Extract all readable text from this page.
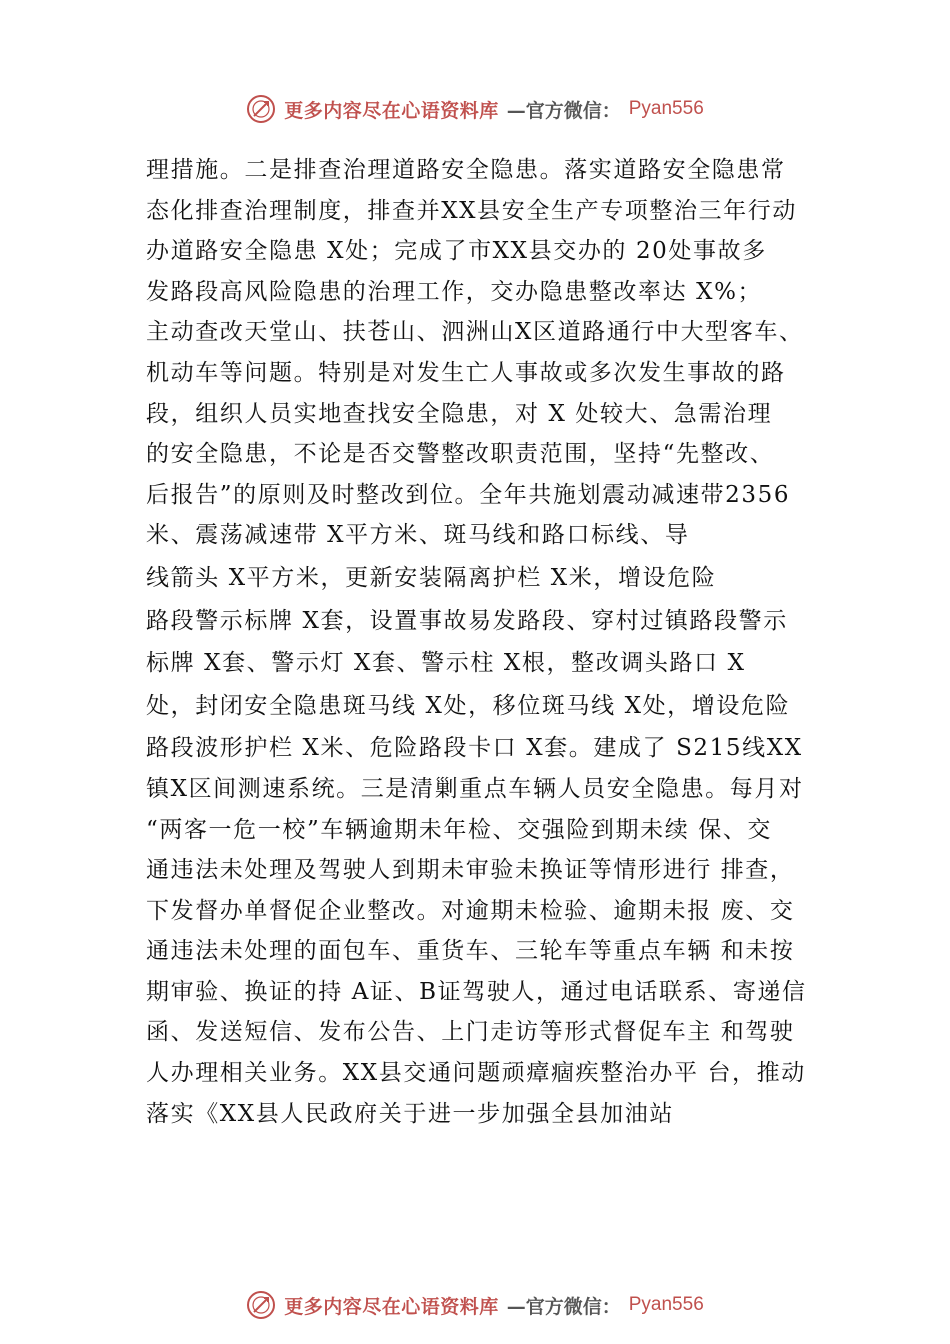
更多内容尽在心语资料库 —官方微信： Pyan556
理措施。二是排查治理道路安全隐患。落实道路安全隐患常
态化排查治理制度，排查并XX县安全生产专项整治三年行动
办道路安全隐患 X处；完成了市XX县交办的 20处事故多
发路段高风险隐患的治理工作，交办隐患整改率达 X%；
主动查改天堂山、扶苍山、泗洲山X区道路通行中大型客车、
机动车等问题。特别是对发生亡人事故或多次发生事故的路
段，组织人员实地查找安全隐患，对 X 处较大、急需治理
的安全隐患，不论是否交警整改职责范围，坚持“先整改、
后报告”的原则及时整改到位。全年共施划震动减速带2356
米、震荡减速带 X平方米、斑马线和路口标线、导
线箭头 X平方米，更新安装隔离护栏 X米，增设危险
路段警示标牌 X套，设置事故易发路段、穿村过镇路段警示
标牌 X套、警示灯 X套、警示柱 X根，整改调头路口 X
处，封闭安全隐患斑马线 X处，移位斑马线 X处，增设危险
路段波形护栏 X米、危险路段卡口 X套。建成了 S215线XX
镇X区间测速系统。三是清剿重点车辆人员安全隐患。每月对
“两客一危一校”车辆逾期未年检、交强险到期未续 保、交
通违法未处理及驾驶人到期未审验未换证等情形进行 排查，
下发督办单督促企业整改。对逾期未检验、逾期未报 废、交
通违法未处理的面包车、重货车、三轮车等重点车辆 和未按
期审验、换证的持 A证、B证驾驶人，通过电话联系、寄递信
函、发送短信、发布公告、上门走访等形式督促车主 和驾驶
人办理相关业务。XX县交通问题顽瘴痼疾整治办平 台，推动
落实《XX县人民政府关于进一步加强全县加油站
更多内容尽在心语资料库 —官方微信： Pyan556
